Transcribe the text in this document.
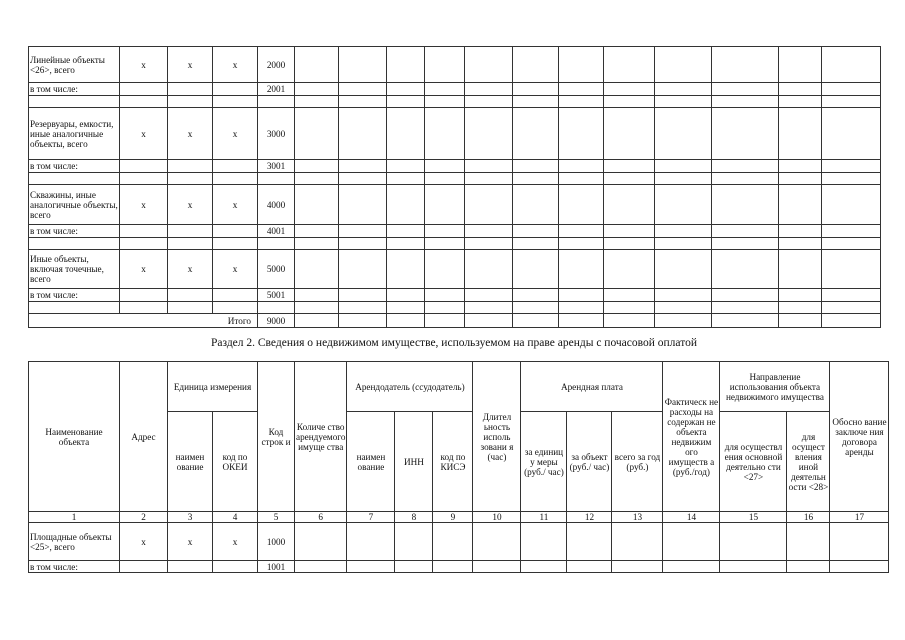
Линейные объекты <26>, всего	x	x	x	2000												
в том числе:				2001												

Резервуары, емкости, иные аналогичные объекты, всего	x	x	x	3000												
в том числе:				3001												

Скважины, иные аналогичные объекты, всего	x	x	x	4000												
в том числе:				4001												

Иные объекты, включая точечные, всего	x	x	x	5000												
в том числе:				5001												

Итого				9000												
Раздел 2. Сведения о недвижимом имуществе, используемом на праве аренды с почасовой оплатой
Наименование объекта	Адрес	Единица измерения		Код строк и	Количе ство арендуемого имуще ства	Арендодатель (ссудодатель)			Длител ьность исполь зовани я (час)	Арендная плата			Фактическ не расходы на содержан не объекта недвижим ого имуществ а (руб./год)	Направление использования объекта недвижимого имущества		Обосно вание заключе ния договора аренды
		наимен ование	код по ОКЕИ			наимен ование	ИНН	код по КИСЭ		за единиц у меры (руб./ час)	за объект (руб./ час)	всего за год (руб.)		для осуществл ения основной деятельно сти <27>	для осущест вления иной деятельн ости <28>	
1	2	3	4	5	6	7	8	9	10	11	12	13	14	15	16	17
Площадные объекты <25>, всего	x	x	x	1000												
в том числе:				1001												
